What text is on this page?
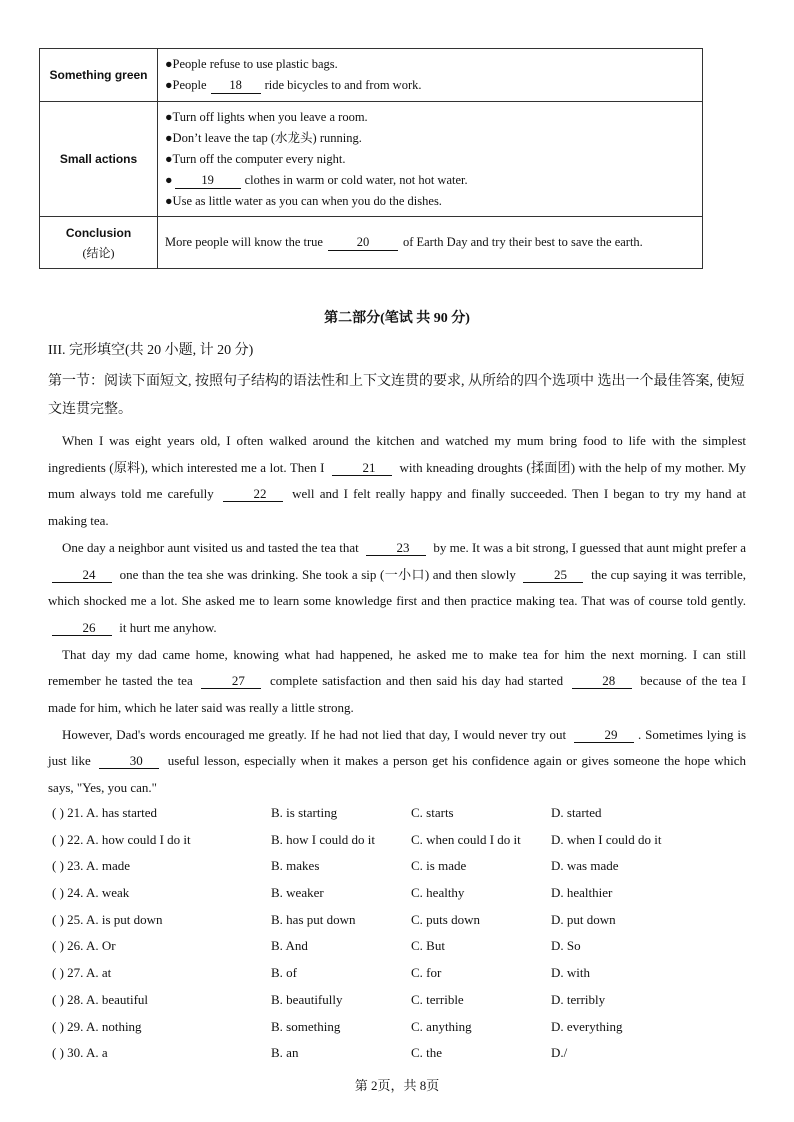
Something green	●People refuse to use plastic bags.
●People 18 ride bicycles to and from work.

Small actions	●Turn off lights when you leave a room.
●Don’t leave the tap (水龙头) running.
●Turn off the computer every night.
● 19 clothes in warm or cold water, not hot water.
●Use as little water as you can when you do the dishes.

Conclusion
(结论)	More people will know the true 20 of Earth Day and try their best to save the earth.
第二部分(笔试 共 90 分)
III. 完形填空(共 20 小题, 计 20 分)
第一节：阅读下面短文, 按照句子结构的语法性和上下文连贯的要求, 从所给的四个选项中 选出一个最佳答案, 使短文连贯完整。

When I was eight years old, I often walked around the kitchen and watched my mum bring food to life with the simplest ingredients (原料), which interested me a lot. Then I	21 with kneading droughts (揉面团) with the help of my mother. My mum always told me carefully	22 well and I felt really happy and finally succeeded. Then I began to try my hand at making tea.

One day a neighbor aunt visited us and tasted the tea that	23 by me. It was a bit strong, I guessed that aunt might prefer a 24 one than the tea she was drinking. She took a sip (一小口) and then slowly	25 the cup saying it was terrible, which shocked me a lot. She asked me to learn some knowledge first and then practice making tea. That was of course told gently. 26 it hurt me anyhow.

That day my dad came home, knowing what had happened, he asked me to make tea for him the next morning. I can still remember he tasted the tea	27 complete satisfaction and then said his day had started	28 because of the tea I made for him, which he later said was really a little strong.

However, Dad's words encouraged me greatly. If he had not lied that day, I would never try out	29 . Sometimes lying is just like	30 useful lesson, especially when it makes a person get his confidence again or gives someone the hope which says, "Yes, you can."

( ) 21. A. has started	B. is starting	C. starts	D. started
( ) 22. A. how could I do it	B. how I could do it	C. when could I do it D. when I could do it
( ) 23. A. made	B. makes	C. is made	D. was made
( ) 24. A. weak	B. weaker	C. healthy	D. healthier
( ) 25. A. is put down	B. has put down	C. puts down	D. put down
( ) 26. A. Or	B. And	C. But	D. So
( ) 27. A. at	B. of	C. for	D. with
( ) 28. A. beautiful	B. beautifully	C. terrible	D. terribly
( ) 29. A. nothing	B. something	C. anything	D. everything
( ) 30. A. a	B. an	C. the	D./
第 2页，共 8页
